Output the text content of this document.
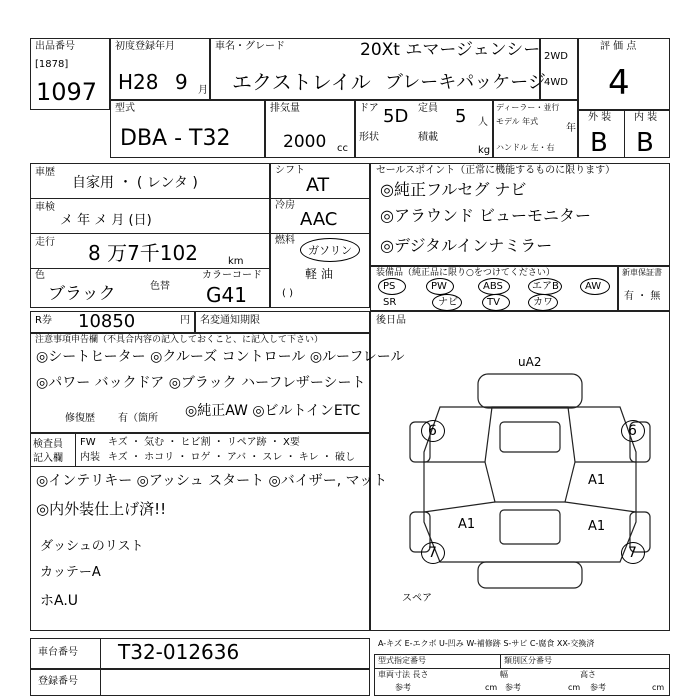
出品番号
[1878]
1097
初度登録年月
H28 9 月
車名・グレード	20Xt エマージェンシー
エクストレイル ブレーキパッケージ
2WD
4WD
評 価 点
4
型式
DBA - T32
排気量
2000 cc
ドア 5D 定員 5 人
形状	積載
kg
ディーラー・並行
モデル 年式
年
ハンドル 左・右
外 装 内 装
B B
車歴
自家用 ・ ( レンタ )
車検
メ 年 メ 月 (日)
走行 8 万7千102	km
色
ブラック	色替
カラーコード
G41
シフト
AT
冷房
AAC
燃料
ガソリン
軽 油
( )
セールスポイント（正常に機能するものに限ります）
◎純正フルセグ ナビ
◎アラウンド ビューモニター
◎デジタルインナミラー
装備品（純正品に限り○をつけてください）	新車保証書
有 ・ 無
PS	PW	ABS	エアB	AW
SR	ナビ	TV	カワ
R券 10850	円 名変通知期限	後日品
注意事項申告欄（不具合内容の記入しておくこと、に記入して下さい）
◎シートヒーター ◎クルーズ コントロール ◎ルーフレール
◎パワー バックドア ◎ブラック ハーフレザーシート
修復歴 有（箇所 ◎純正AW ◎ビルトインETC
検査員 記入欄
FW キズ ・ 気む ・ ヒビ割 ・ リペア跡 ・ X要
内装 キズ ・ ホコリ ・ ロゲ ・ アバ ・ スレ ・ キレ ・ 破し
◎インテリキー ◎アッシュ スタート ◎バイザー, マット
◎内外装仕上げ済!!
ダッシュのリスト
カッテーA
ホA.U
uA2
6	6
A1
A1	A1
7	7
スペア
車台番号 T32-012636
登録番号
A-キズ E-エクボ U-凹み W-補修跡 S-サビ C-腐食 XX-交換済
型式指定番号	類別区分番号
車両寸法 長さ	幅	高さ
参考	cm 参考	cm 参考	cm
